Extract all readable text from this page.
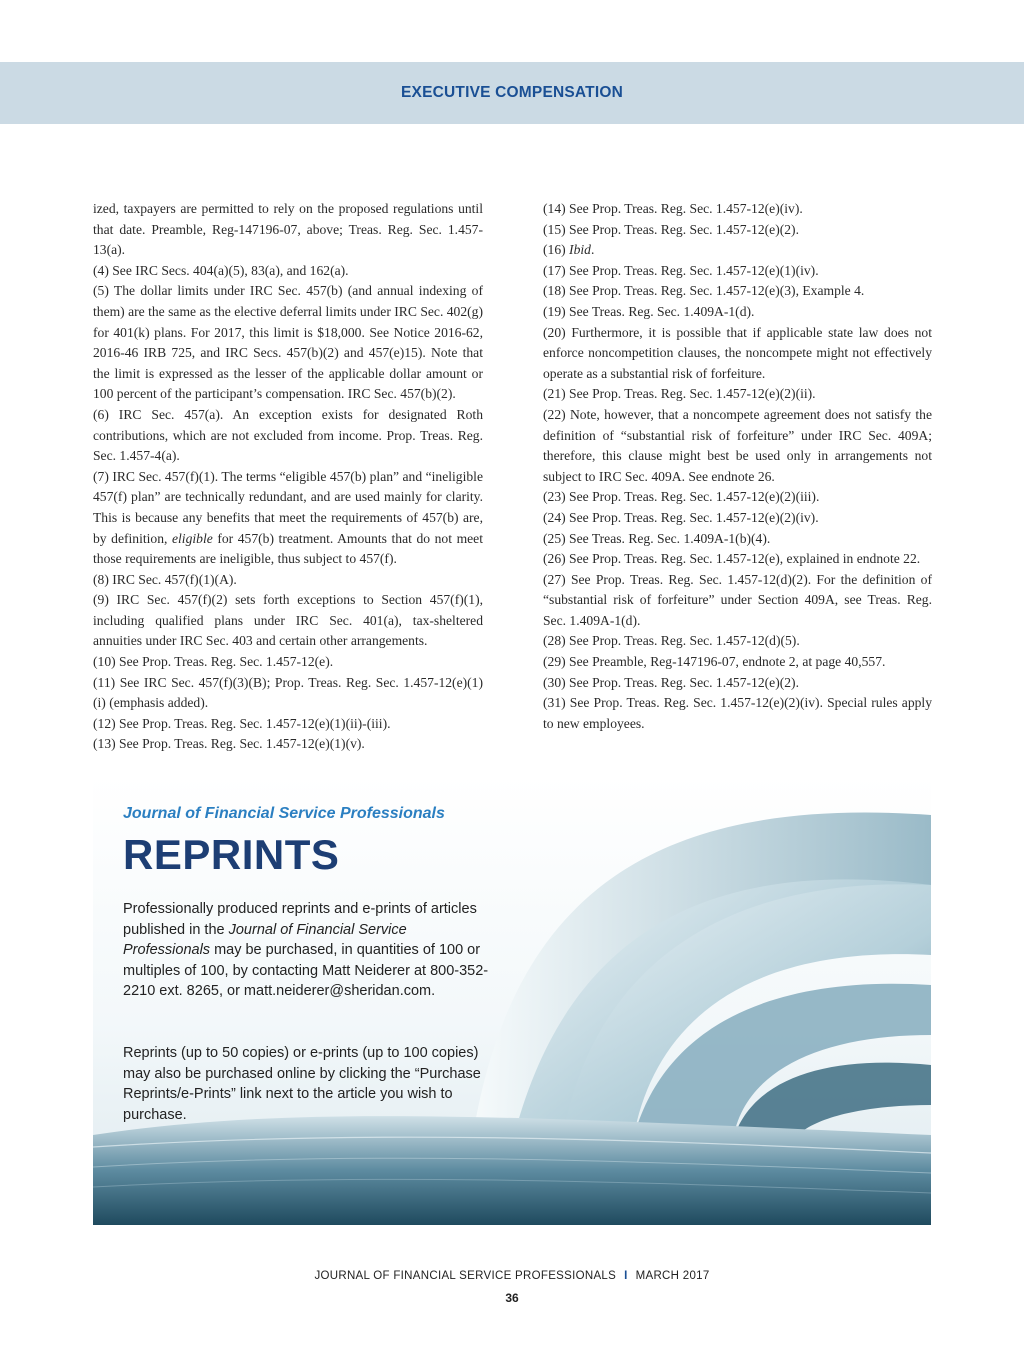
EXECUTIVE COMPENSATION

ized, taxpayers are permitted to rely on the proposed regulations until that date. Preamble, Reg-147196-07, above; Treas. Reg. Sec. 1.457-13(a).

(4) See IRC Secs. 404(a)(5), 83(a), and 162(a).

(5) The dollar limits under IRC Sec. 457(b) (and annual indexing of them) are the same as the elective deferral limits under IRC Sec. 402(g) for 401(k) plans. For 2017, this limit is $18,000. See Notice 2016-62, 2016-46 IRB 725, and IRC Secs. 457(b)(2) and 457(e)15). Note that the limit is expressed as the lesser of the applicable dollar amount or 100 percent of the participant’s compensation. IRC Sec. 457(b)(2).

(6) IRC Sec. 457(a). An exception exists for designated Roth contributions, which are not excluded from income. Prop. Treas. Reg. Sec. 1.457-4(a).

(7) IRC Sec. 457(f)(1). The terms “eligible 457(b) plan” and “ineligible 457(f) plan” are technically redundant, and are used mainly for clarity. This is because any benefits that meet the requirements of 457(b) are, by definition, eligible for 457(b) treatment. Amounts that do not meet those requirements are ineligible, thus subject to 457(f).

(8) IRC Sec. 457(f)(1)(A).

(9) IRC Sec. 457(f)(2) sets forth exceptions to Section 457(f)(1), including qualified plans under IRC Sec. 401(a), tax-sheltered annuities under IRC Sec. 403 and certain other arrangements.

(10) See Prop. Treas. Reg. Sec. 1.457-12(e).

(11) See IRC Sec. 457(f)(3)(B); Prop. Treas. Reg. Sec. 1.457-12(e)(1)(i) (emphasis added).

(12) See Prop. Treas. Reg. Sec. 1.457-12(e)(1)(ii)-(iii).

(13) See Prop. Treas. Reg. Sec. 1.457-12(e)(1)(v).

(14) See Prop. Treas. Reg. Sec. 1.457-12(e)(iv).

(15) See Prop. Treas. Reg. Sec. 1.457-12(e)(2).

(16) Ibid.

(17) See Prop. Treas. Reg. Sec. 1.457-12(e)(1)(iv).

(18) See Prop. Treas. Reg. Sec. 1.457-12(e)(3), Example 4.

(19) See Treas. Reg. Sec. 1.409A-1(d).

(20) Furthermore, it is possible that if applicable state law does not enforce noncompetition clauses, the noncompete might not effectively operate as a substantial risk of forfeiture.

(21) See Prop. Treas. Reg. Sec. 1.457-12(e)(2)(ii).

(22) Note, however, that a noncompete agreement does not satisfy the definition of “substantial risk of forfeiture” under IRC Sec. 409A; therefore, this clause might best be used only in arrangements not subject to IRC Sec. 409A. See endnote 26.

(23) See Prop. Treas. Reg. Sec. 1.457-12(e)(2)(iii).

(24) See Prop. Treas. Reg. Sec. 1.457-12(e)(2)(iv).

(25) See Treas. Reg. Sec. 1.409A-1(b)(4).

(26) See Prop. Treas. Reg. Sec. 1.457-12(e), explained in endnote 22.

(27) See Prop. Treas. Reg. Sec. 1.457-12(d)(2). For the definition of “substantial risk of forfeiture” under Section 409A, see Treas. Reg. Sec. 1.409A-1(d).

(28) See Prop. Treas. Reg. Sec. 1.457-12(d)(5).

(29) See Preamble, Reg-147196-07, endnote 2, at page 40,557.

(30) See Prop. Treas. Reg. Sec. 1.457-12(e)(2).

(31) See Prop. Treas. Reg. Sec. 1.457-12(e)(2)(iv). Special rules apply to new employees.

Journal of Financial Service Professionals
REPRINTS

Professionally produced reprints and e-prints of articles published in the Journal of Financial Service Professionals may be purchased, in quantities of 100 or multiples of 100, by contacting Matt Neiderer at 800-352-2210 ext. 8265, or matt.neiderer@sheridan.com.

Reprints (up to 50 copies) or e-prints (up to 100 copies) may also be purchased online by clicking the “Purchase Reprints/e-Prints” link next to the article you wish to purchase.

JOURNAL OF FINANCIAL SERVICE PROFESSIONALS I MARCH 2017
36
